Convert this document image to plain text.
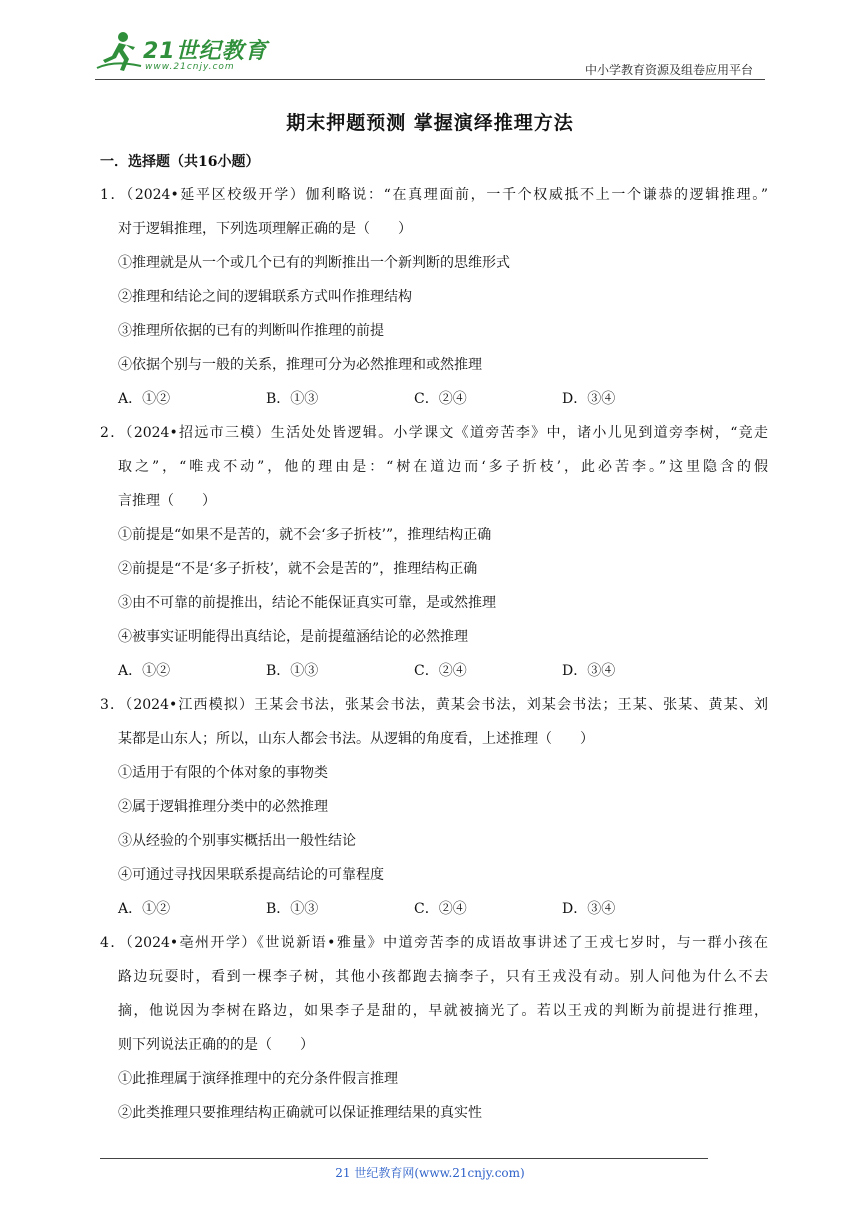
21世纪教育
www.21cnjy.com	中小学教育资源及组卷应用平台
期末押题预测 掌握演绎推理方法
一．选择题（共16小题）
1．（2024•延平区校级开学）伽利略说：“在真理面前，一千个权威抵不上一个谦恭的逻辑推理。”
对于逻辑推理，下列选项理解正确的是（　　）
①推理就是从一个或几个已有的判断推出一个新判断的思维形式
②推理和结论之间的逻辑联系方式叫作推理结构
③推理所依据的已有的判断叫作推理的前提
④依据个别与一般的关系，推理可分为必然推理和或然推理
A．①②	B．①③	C．②④	D．③④
2．（2024•招远市三模）生活处处皆逻辑。小学课文《道旁苦李》中，诸小儿见到道旁李树，“竞走
取之”，“唯戎不动”，他的理由是：“树在道边而‘多子折枝’，此必苦李。”这里隐含的假
言推理（　　）
①前提是“如果不是苦的，就不会‘多子折枝’”，推理结构正确
②前提是“不是‘多子折枝’，就不会是苦的”，推理结构正确
③由不可靠的前提推出，结论不能保证真实可靠，是或然推理
④被事实证明能得出真结论，是前提蕴涵结论的必然推理
A．①②	B．①③	C．②④	D．③④
3．（2024•江西模拟）王某会书法，张某会书法，黄某会书法，刘某会书法；王某、张某、黄某、刘
某都是山东人；所以，山东人都会书法。从逻辑的角度看，上述推理（　　）
①适用于有限的个体对象的事物类
②属于逻辑推理分类中的必然推理
③从经验的个别事实概括出一般性结论
④可通过寻找因果联系提高结论的可靠程度
A．①②	B．①③	C．②④	D．③④
4．（2024•亳州开学）《世说新语•雅量》中道旁苦李的成语故事讲述了王戎七岁时，与一群小孩在
路边玩耍时，看到一棵李子树，其他小孩都跑去摘李子，只有王戎没有动。别人问他为什么不去
摘，他说因为李树在路边，如果李子是甜的，早就被摘光了。若以王戎的判断为前提进行推理，
则下列说法正确的的是（　　）
①此推理属于演绎推理中的充分条件假言推理
②此类推理只要推理结构正确就可以保证推理结果的真实性
21 世纪教育网(www.21cnjy.com)
